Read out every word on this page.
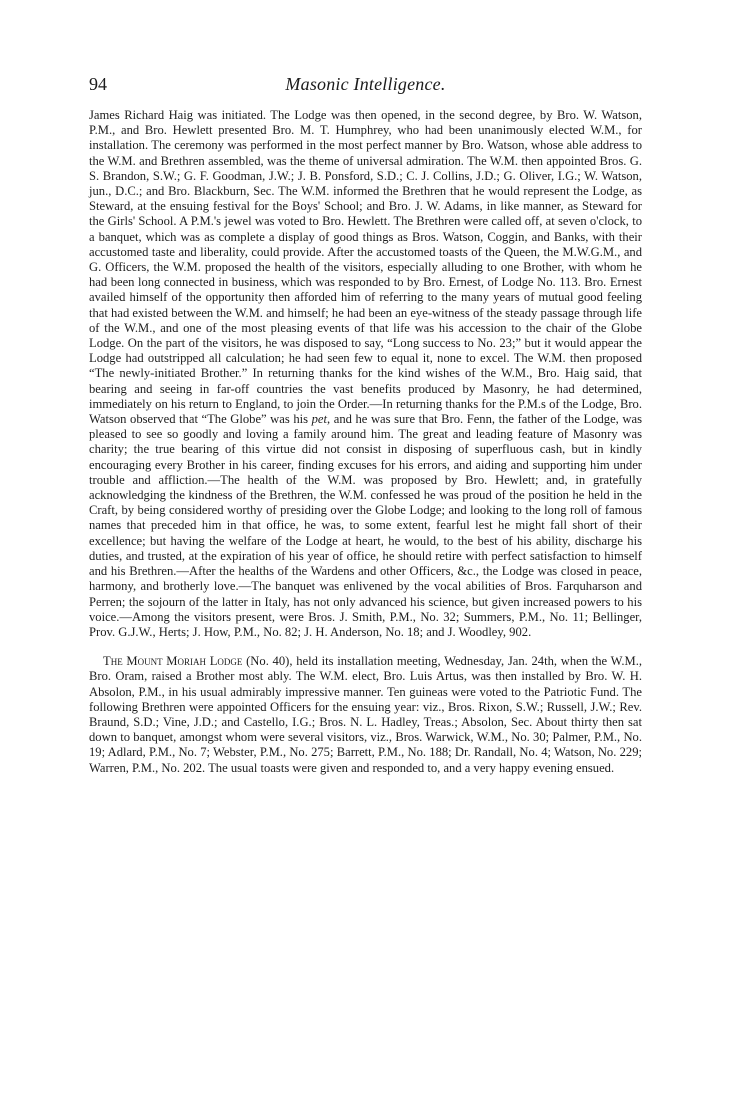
94	Masonic Intelligence.

James Richard Haig was initiated. The Lodge was then opened, in the second degree, by Bro. W. Watson, P.M., and Bro. Hewlett presented Bro. M. T. Humphrey, who had been unanimously elected W.M., for installation. The ceremony was performed in the most perfect manner by Bro. Watson, whose able address to the W.M. and Brethren assembled, was the theme of universal admiration. The W.M. then appointed Bros. G. S. Brandon, S.W.; G. F. Goodman, J.W.; J. B. Ponsford, S.D.; C. J. Collins, J.D.; G. Oliver, I.G.; W. Watson, jun., D.C.; and Bro. Blackburn, Sec. The W.M. informed the Brethren that he would represent the Lodge, as Steward, at the ensuing festival for the Boys' School; and Bro. J. W. Adams, in like manner, as Steward for the Girls' School. A P.M.'s jewel was voted to Bro. Hewlett. The Brethren were called off, at seven o'clock, to a banquet, which was as complete a display of good things as Bros. Watson, Coggin, and Banks, with their accustomed taste and liberality, could provide. After the accustomed toasts of the Queen, the M.W.G.M., and G. Officers, the W.M. proposed the health of the visitors, especially alluding to one Brother, with whom he had been long connected in business, which was responded to by Bro. Ernest, of Lodge No. 113. Bro. Ernest availed himself of the opportunity then afforded him of referring to the many years of mutual good feeling that had existed between the W.M. and himself; he had been an eye-witness of the steady passage through life of the W.M., and one of the most pleasing events of that life was his accession to the chair of the Globe Lodge. On the part of the visitors, he was disposed to say, “Long success to No. 23;” but it would appear the Lodge had outstripped all calculation; he had seen few to equal it, none to excel. The W.M. then proposed “The newly-initiated Brother.” In returning thanks for the kind wishes of the W.M., Bro. Haig said, that bearing and seeing in far-off countries the vast benefits produced by Masonry, he had determined, immediately on his return to England, to join the Order.—In returning thanks for the P.M.s of the Lodge, Bro. Watson observed that “The Globe” was his pet, and he was sure that Bro. Fenn, the father of the Lodge, was pleased to see so goodly and loving a family around him. The great and leading feature of Masonry was charity; the true bearing of this virtue did not consist in disposing of superfluous cash, but in kindly encouraging every Brother in his career, finding excuses for his errors, and aiding and supporting him under trouble and affliction.—The health of the W.M. was proposed by Bro. Hewlett; and, in gratefully acknowledging the kindness of the Brethren, the W.M. confessed he was proud of the position he held in the Craft, by being considered worthy of presiding over the Globe Lodge; and looking to the long roll of famous names that preceded him in that office, he was, to some extent, fearful lest he might fall short of their excellence; but having the welfare of the Lodge at heart, he would, to the best of his ability, discharge his duties, and trusted, at the expiration of his year of office, he should retire with perfect satisfaction to himself and his Brethren.—After the healths of the Wardens and other Officers, &c., the Lodge was closed in peace, harmony, and brotherly love.—The banquet was enlivened by the vocal abilities of Bros. Farquharson and Perren; the sojourn of the latter in Italy, has not only advanced his science, but given increased powers to his voice.—Among the visitors present, were Bros. J. Smith, P.M., No. 32; Summers, P.M., No. 11; Bellinger, Prov. G.J.W., Herts; J. How, P.M., No. 82; J. H. Anderson, No. 18; and J. Woodley, 902.

The Mount Moriah Lodge (No. 40), held its installation meeting, Wednesday, Jan. 24th, when the W.M., Bro. Oram, raised a Brother most ably. The W.M. elect, Bro. Luis Artus, was then installed by Bro. W. H. Absolon, P.M., in his usual admirably impressive manner. Ten guineas were voted to the Patriotic Fund. The following Brethren were appointed Officers for the ensuing year: viz., Bros. Rixon, S.W.; Russell, J.W.; Rev. Braund, S.D.; Vine, J.D.; and Castello, I.G.; Bros. N. L. Hadley, Treas.; Absolon, Sec. About thirty then sat down to banquet, amongst whom were several visitors, viz., Bros. Warwick, W.M., No. 30; Palmer, P.M., No. 19; Adlard, P.M., No. 7; Webster, P.M., No. 275; Barrett, P.M., No. 188; Dr. Randall, No. 4; Watson, No. 229; Warren, P.M., No. 202. The usual toasts were given and responded to, and a very happy evening ensued.
